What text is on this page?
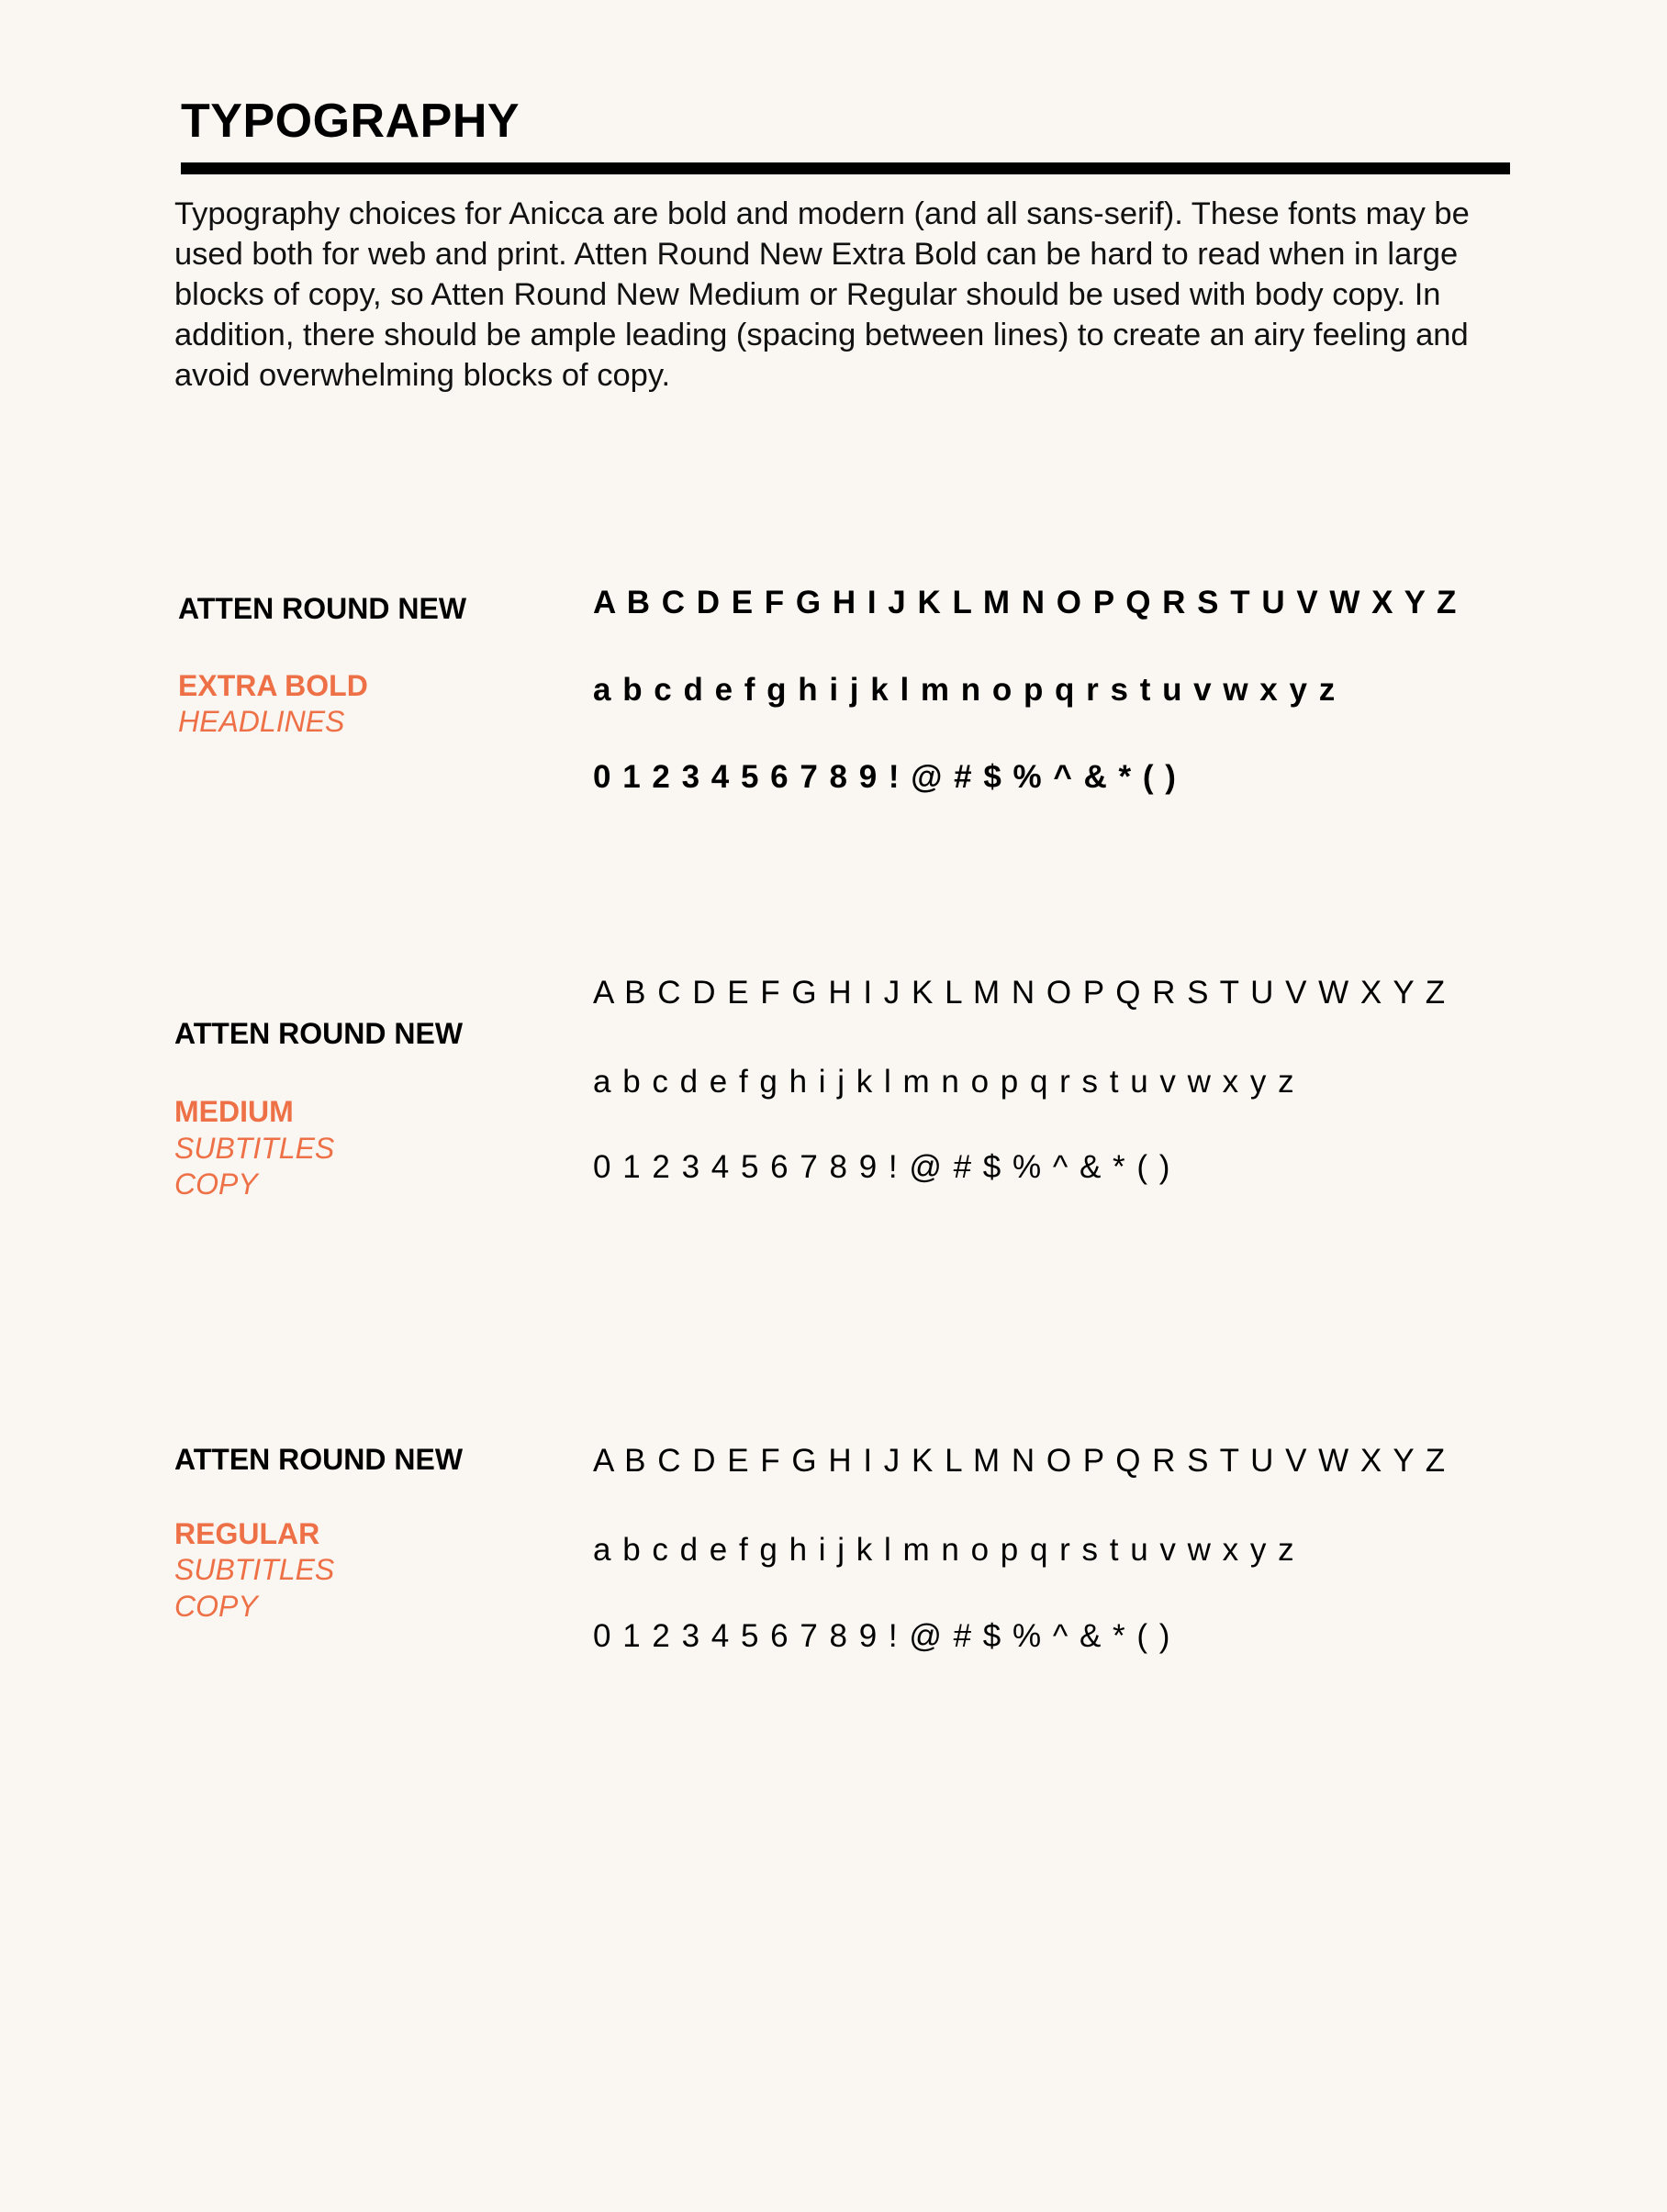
TYPOGRAPHY

Typography choices for Anicca are bold and modern (and all sans-serif). These fonts may be used both for web and print. Atten Round New Extra Bold can be hard to read when in large blocks of copy, so Atten Round New Medium or Regular should be used with body copy. In addition, there should be ample leading (spacing between lines) to create an airy feeling and avoid overwhelming blocks of copy.

ATTEN ROUND NEW
EXTRA BOLD
HEADLINES
A B C D E F G H I J K L M N O P Q R S T U V W X Y Z
a b c d e f g h i j k l m n o p q r s t u v w x y z
0 1 2 3 4 5 6 7 8 9 ! @ # $ % ^ & * ( )
ATTEN ROUND NEW
MEDIUM
SUBTITLES
COPY
A B C D E F G H I J K L M N O P Q R S T U V W X Y Z
a b c d e f g h i j k l m n o p q r s t u v w x y z
0 1 2 3 4 5 6 7 8 9 ! @ # $ % ^ & * ( )
ATTEN ROUND NEW
REGULAR
SUBTITLES
COPY
A B C D E F G H I J K L M N O P Q R S T U V W X Y Z
a b c d e f g h i j k l m n o p q r s t u v w x y z
0 1 2 3 4 5 6 7 8 9 ! @ # $ % ^ & * ( )
